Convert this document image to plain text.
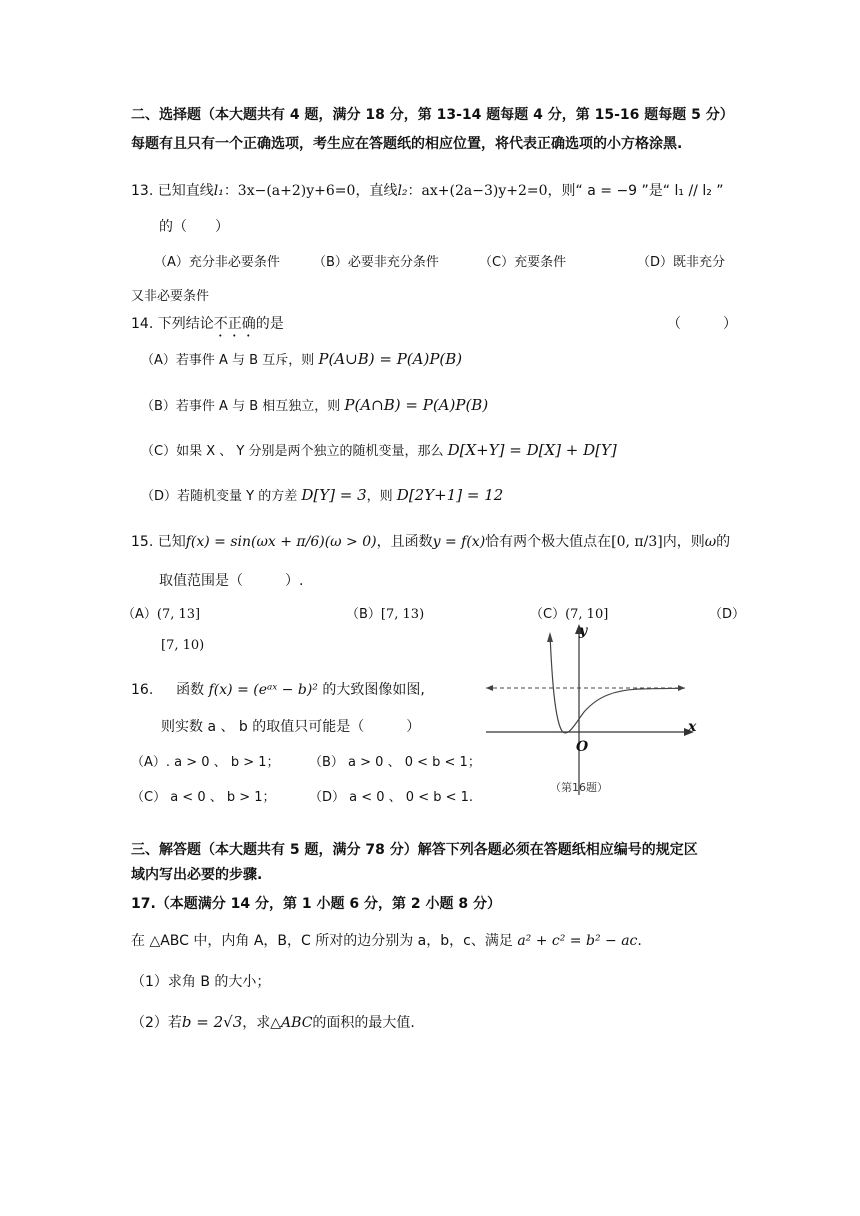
二、选择题（本大题共有 4 题，满分 18 分，第 13-14 题每题 4 分，第 15-16 题每题 5 分）
每题有且只有一个正确选项，考生应在答题纸的相应位置，将代表正确选项的小方格涂黑.
13. 已知直线l₁：3x−(a+2)y+6=0，直线l₂：ax+(2a−3)y+2=0，则“ a = −9 ”是“ l₁ // l₂ ”
的（　　）
（A）充分非必要条件	（B）必要非充分条件	（C）充要条件	（D）既非充分
又非必要条件
14. 下列结论不正确的是	（　　　）
（A）若事件 A 与 B 互斥，则 P(A∪B) = P(A)P(B)
（B）若事件 A 与 B 相互独立，则 P(A∩B) = P(A)P(B)
（C）如果 X 、 Y 分别是两个独立的随机变量，那么 D[X+Y] = D[X] + D[Y]
（D）若随机变量 Y 的方差 D[Y] = 3，则 D[2Y+1] = 12
15. 已知f(x) = sin(ωx + π/6)(ω > 0)，且函数y = f(x)恰有两个极大值点在[0, π/3]内，则ω的
取值范围是（　　　）.
（A）(7, 13]	（B）[7, 13)	（C）(7, 10]	（D）
[7, 10)
16. 函数 f(x) = (eᵃˣ − b)² 的大致图像如图,
则实数 a 、 b 的取值只可能是（　　　）
（A）. a > 0 、 b > 1； （B） a > 0 、 0 < b < 1；
（C） a < 0 、 b > 1；	（D） a < 0 、 0 < b < 1.
O
x
y
（第16题）
三、解答题（本大题共有 5 题，满分 78 分）解答下列各题必须在答题纸相应编号的规定区
域内写出必要的步骤.
17.（本题满分 14 分，第 1 小题 6 分，第 2 小题 8 分）
在 △ABC 中，内角 A，B，C 所对的边分别为 a，b，c、满足 a² + c² = b² − ac.
（1）求角 B 的大小；
（2）若b = 2√3，求△ABC的面积的最大值.
